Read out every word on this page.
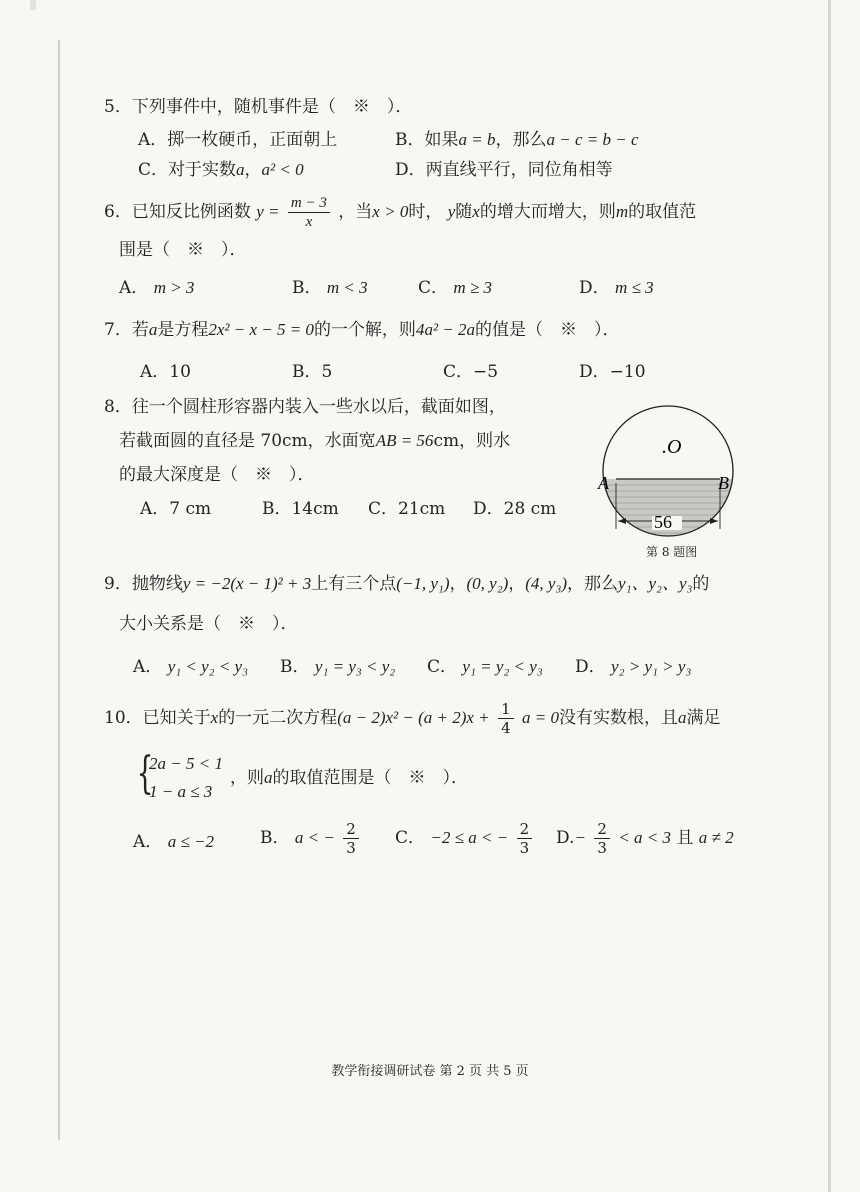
5．下列事件中，随机事件是（　※　）．
A．掷一枚硬币，正面朝上	B．如果a = b，那么a − c = b − c
C．对于实数a，a² < 0	D．两直线平行，同位角相等
6．已知反比例函数 $y = \frac{m - 3}{x}$ ，当x > 0时， y随x的增大而增大，则m的取值范
围是（　※　）．
A． m > 3	B． m < 3	C． m ≥ 3	D． m ≤ 3
7．若a是方程2x² − x − 5 = 0的一个解，则4a² − 2a的值是（　※　）．
A．10	B．5	C．−5	D．−10
8．往一个圆柱形容器内装入一些水以后，截面如图，
若截面圆的直径是 70cm，水面宽AB = 56cm，则水
的最大深度是（　※　）．
A．7 cm	B．14cm C．21cm D．28 cm
.O
A	B
56
第 8 题图
9．抛物线y = −2(x − 1)² + 3上有三个点(−1, y₁)，(0, y₂)，(4, y₃)，那么y₁、y₂、y₃的
大小关系是（　※　）．
A． y₁ < y₂ < y₃ B． y₁ = y₃ < y₂ C． y₁ = y₂ < y₃ D． y₂ > y₁ > y₃
10．已知关于x的一元二次方程$(a - 2)x^2 - (a + 2)x + \frac{1}{4}$ a = 0没有实数根，且a满足
{
2a − 5 < 1
1 − a ≤ 3
，则a的取值范围是（　※　）．
A． a ≤ −2	B． a < − $\frac{2}{3}$ C． −2 ≤ a < − $\frac{2}{3} D.- \frac{2}{3} < a < 3$ 且 a ≠ 2
教学衔接调研试卷 第 2 页 共 5 页
